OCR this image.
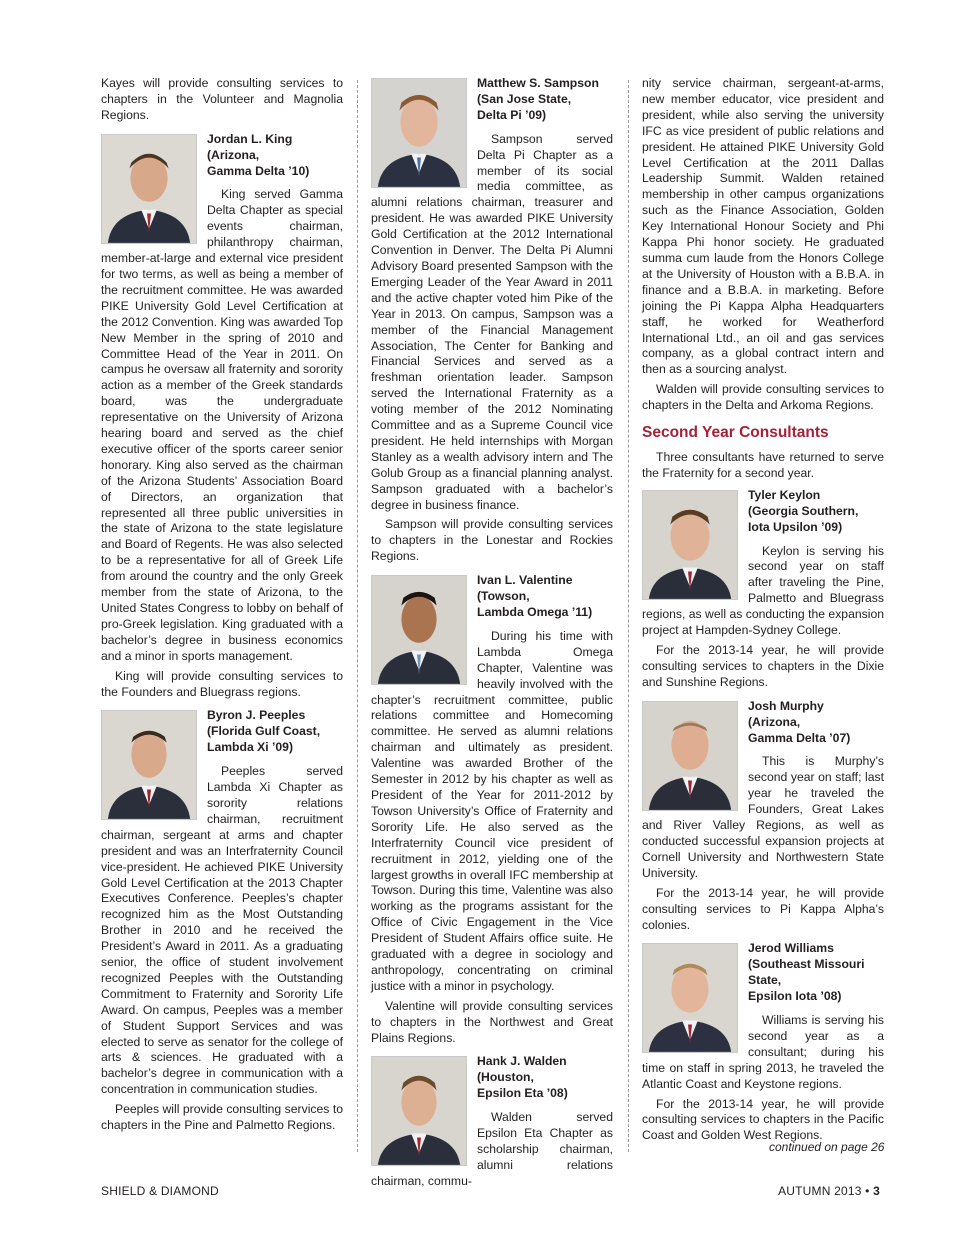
Kayes will provide consulting services to chapters in the Volunteer and Magnolia Regions.

Jordan L. King
(Arizona,
Gamma Delta ’10)

King served Gamma Delta Chapter as special events chairman, philanthropy chairman, member-at-large and external vice president for two terms, as well as being a member of the recruitment committee. He was awarded PIKE University Gold Level Certification at the 2012 Convention. King was awarded Top New Member in the spring of 2010 and Committee Head of the Year in 2011. On campus he oversaw all fraternity and sorority action as a member of the Greek standards board, was the undergraduate representative on the University of Arizona hearing board and served as the chief executive officer of the sports career senior honorary. King also served as the chairman of the Arizona Students’ Association Board of Directors, an organization that represented all three public universities in the state of Arizona to the state legislature and Board of Regents. He was also selected to be a representative for all of Greek Life from around the country and the only Greek member from the state of Arizona, to the United States Congress to lobby on behalf of pro-Greek legislation. King graduated with a bachelor’s degree in business economics and a minor in sports management.

King will provide consulting services to the Founders and Bluegrass regions.

Byron J. Peeples
(Florida Gulf Coast,
Lambda Xi ’09)

Peeples served Lambda Xi Chapter as sorority relations chairman, recruitment chairman, sergeant at arms and chapter president and was an Interfraternity Council vice-president. He achieved PIKE University Gold Level Certification at the 2013 Chapter Executives Conference. Peeples’s chapter recognized him as the Most Outstanding Brother in 2010 and he received the President’s Award in 2011. As a graduating senior, the office of student involvement recognized Peeples with the Outstanding Commitment to Fraternity and Sorority Life Award. On campus, Peeples was a member of Student Support Services and was elected to serve as senator for the college of arts & sciences. He graduated with a bachelor’s degree in communication with a concentration in communication studies.

Peeples will provide consulting services to chapters in the Pine and Palmetto Regions.

Matthew S. Sampson
(San Jose State,
Delta Pi ’09)

Sampson served Delta Pi Chapter as a member of its social media committee, as alumni relations chairman, treasurer and president. He was awarded PIKE University Gold Certification at the 2012 International Convention in Denver. The Delta Pi Alumni Advisory Board presented Sampson with the Emerging Leader of the Year Award in 2011 and the active chapter voted him Pike of the Year in 2013. On campus, Sampson was a member of the Financial Management Association, The Center for Banking and Financial Services and served as a freshman orientation leader. Sampson served the International Fraternity as a voting member of the 2012 Nominating Committee and as a Supreme Council vice president. He held internships with Morgan Stanley as a wealth advisory intern and The Golub Group as a financial planning analyst. Sampson graduated with a bachelor’s degree in business finance.

Sampson will provide consulting services to chapters in the Lonestar and Rockies Regions.

Ivan L. Valentine
(Towson,
Lambda Omega ’11)

During his time with Lambda Omega Chapter, Valentine was heavily involved with the chapter’s recruitment committee, public relations committee and Homecoming committee. He served as alumni relations chairman and ultimately as president. Valentine was awarded Brother of the Semester in 2012 by his chapter as well as President of the Year for 2011-2012 by Towson University’s Office of Fraternity and Sorority Life. He also served as the Interfraternity Council vice president of recruitment in 2012, yielding one of the largest growths in overall IFC membership at Towson. During this time, Valentine was also working as the programs assistant for the Office of Civic Engagement in the Vice President of Student Affairs office suite. He graduated with a degree in sociology and anthropology, concentrating on criminal justice with a minor in psychology.

Valentine will provide consulting services to chapters in the Northwest and Great Plains Regions.

Hank J. Walden
(Houston,
Epsilon Eta ’08)

Walden served Epsilon Eta Chapter as scholarship chairman, alumni relations chairman, commu-

nity service chairman, sergeant-at-arms, new member educator, vice president and president, while also serving the university IFC as vice president of public relations and president. He attained PIKE University Gold Level Certification at the 2011 Dallas Leadership Summit. Walden retained membership in other campus organizations such as the Finance Association, Golden Key International Honour Society and Phi Kappa Phi honor society. He graduated summa cum laude from the Honors College at the University of Houston with a B.B.A. in finance and a B.B.A. in marketing. Before joining the Pi Kappa Alpha Headquarters staff, he worked for Weatherford International Ltd., an oil and gas services company, as a global contract intern and then as a sourcing analyst.

Walden will provide consulting services to chapters in the Delta and Arkoma Regions.

Second Year Consultants

Three consultants have returned to serve the Fraternity for a second year.

Tyler Keylon
(Georgia Southern,
Iota Upsilon ’09)

Keylon is serving his second year on staff after traveling the Pine, Palmetto and Bluegrass regions, as well as conducting the expansion project at Hampden-Sydney College.

For the 2013-14 year, he will provide consulting services to chapters in the Dixie and Sunshine Regions.

Josh Murphy
(Arizona,
Gamma Delta ’07)

This is Murphy’s second year on staff; last year he traveled the Founders, Great Lakes and River Valley Regions, as well as conducted successful expansion projects at Cornell University and Northwestern State University.

For the 2013-14 year, he will provide consulting services to Pi Kappa Alpha’s colonies.

Jerod Williams
(Southeast Missouri State,
Epsilon Iota ’08)

Williams is serving his second year as a consultant; during his time on staff in spring 2013, he traveled the Atlantic Coast and Keystone regions.

For the 2013-14 year, he will provide consulting services to chapters in the Pacific Coast and Golden West Regions.

continued on page 26
SHIELD & DIAMOND	AUTUMN 2013 • 3
